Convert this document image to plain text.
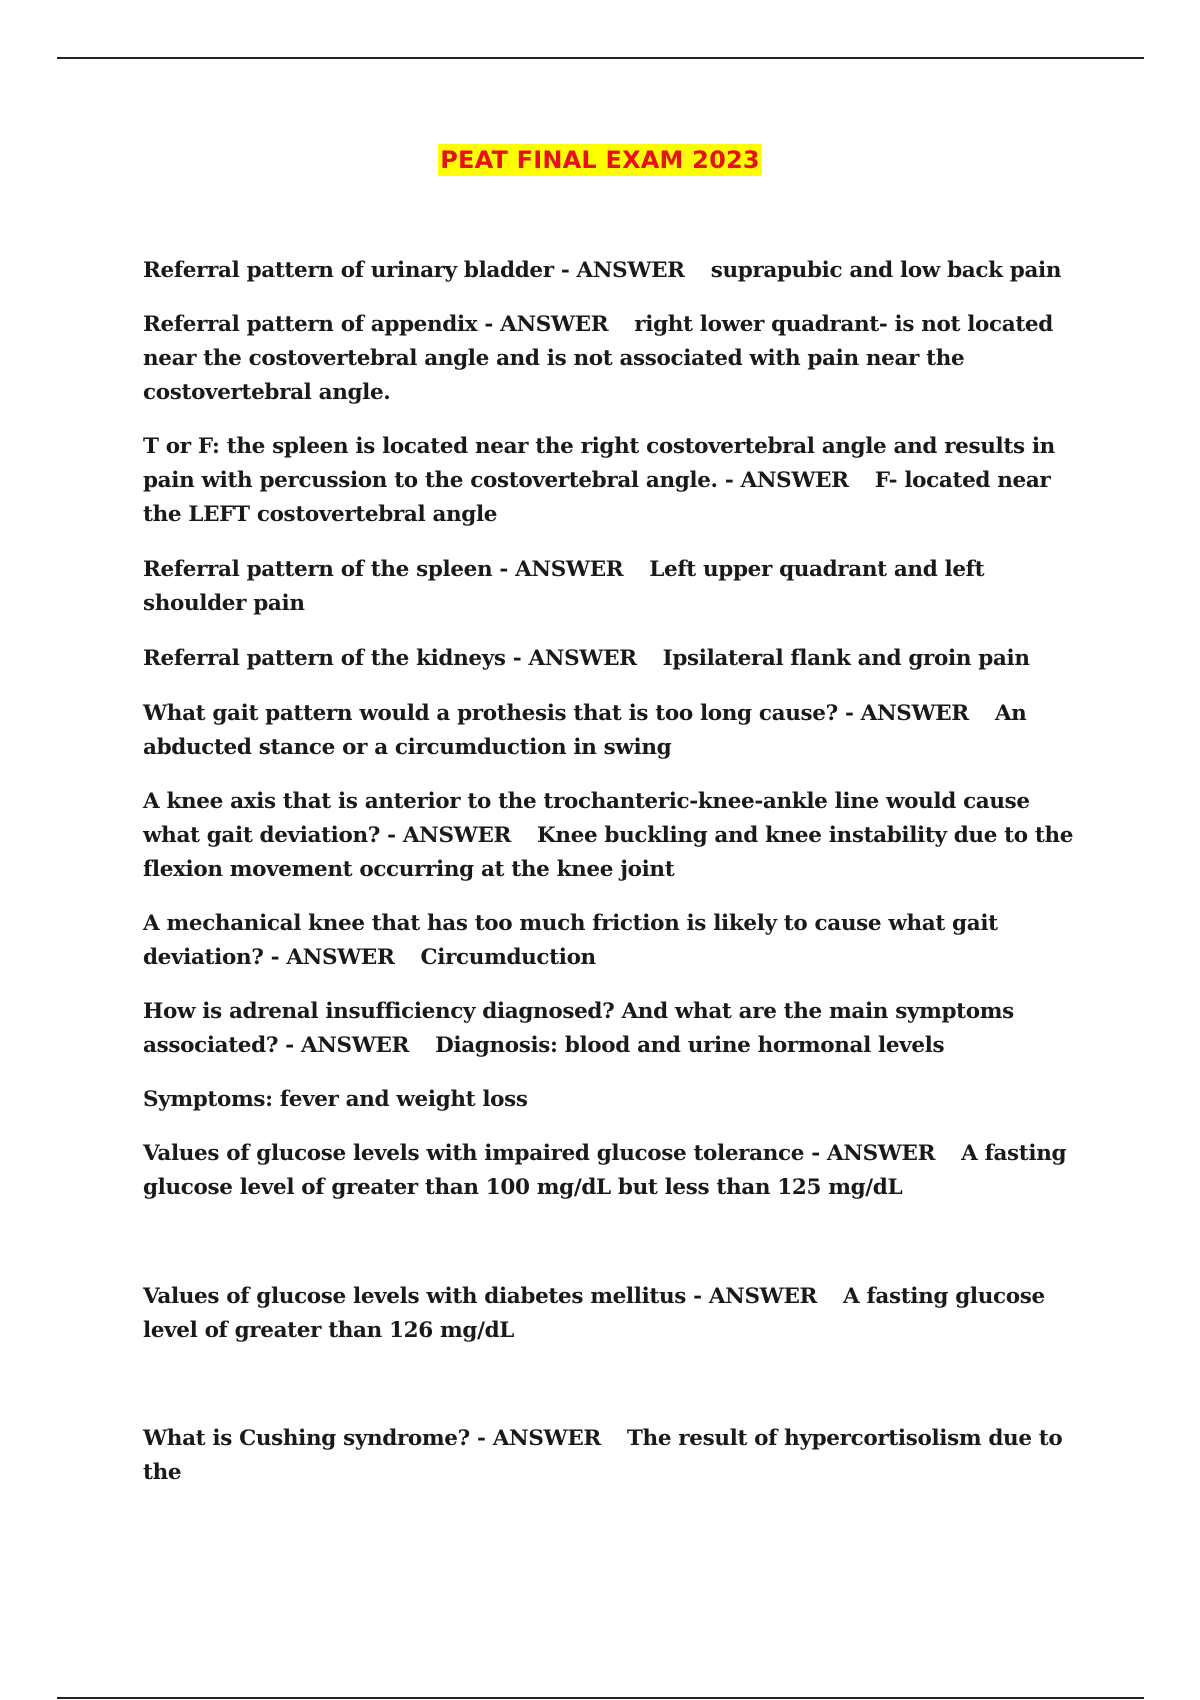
PEAT FINAL EXAM 2023

Referral pattern of urinary bladder - ANSWER suprapubic and low back pain

Referral pattern of appendix - ANSWER right lower quadrant- is not located near the costovertebral angle and is not associated with pain near the costovertebral angle.

T or F: the spleen is located near the right costovertebral angle and results in pain with percussion to the costovertebral angle. - ANSWER F- located near the LEFT costovertebral angle

Referral pattern of the spleen - ANSWER Left upper quadrant and left shoulder pain

Referral pattern of the kidneys - ANSWER Ipsilateral flank and groin pain

What gait pattern would a prothesis that is too long cause? - ANSWER An abducted stance or a circumduction in swing

A knee axis that is anterior to the trochanteric-knee-ankle line would cause what gait deviation? - ANSWER Knee buckling and knee instability due to the flexion movement occurring at the knee joint

A mechanical knee that has too much friction is likely to cause what gait deviation? - ANSWER Circumduction

How is adrenal insufficiency diagnosed? And what are the main symptoms associated? - ANSWER Diagnosis: blood and urine hormonal levels

Symptoms: fever and weight loss

Values of glucose levels with impaired glucose tolerance - ANSWER A fasting glucose level of greater than 100 mg/dL but less than 125 mg/dL

Values of glucose levels with diabetes mellitus - ANSWER A fasting glucose level of greater than 126 mg/dL

What is Cushing syndrome? - ANSWER The result of hypercortisolism due to the
